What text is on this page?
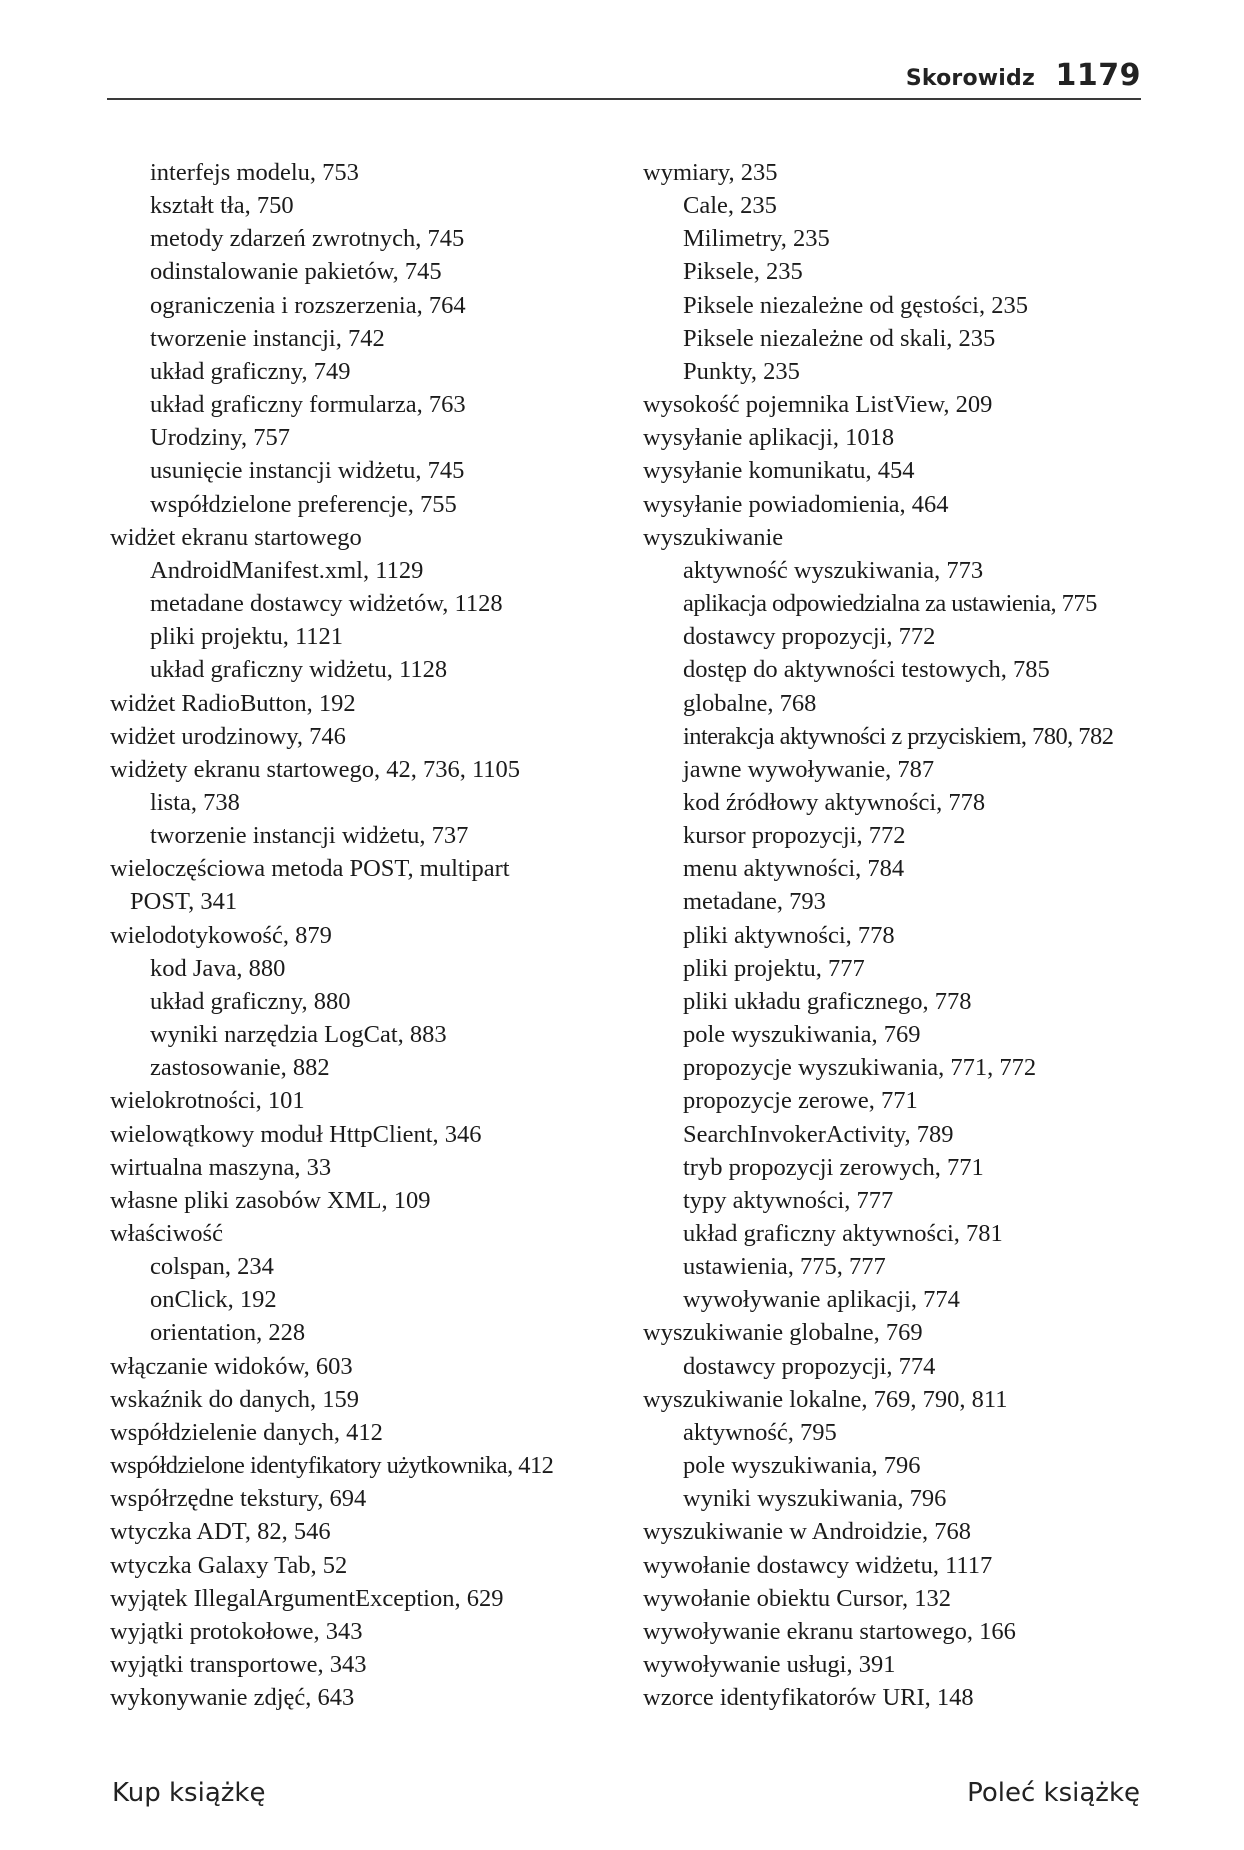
Skorowidz 1179
interfejs modelu, 753
kształt tła, 750
metody zdarzeń zwrotnych, 745
odinstalowanie pakietów, 745
ograniczenia i rozszerzenia, 764
tworzenie instancji, 742
układ graficzny, 749
układ graficzny formularza, 763
Urodziny, 757
usunięcie instancji widżetu, 745
współdzielone preferencje, 755
widżet ekranu startowego
AndroidManifest.xml, 1129
metadane dostawcy widżetów, 1128
pliki projektu, 1121
układ graficzny widżetu, 1128
widżet RadioButton, 192
widżet urodzinowy, 746
widżety ekranu startowego, 42, 736, 1105
lista, 738
tworzenie instancji widżetu, 737
wieloczęściowa metoda POST, multipart
POST, 341
wielodotykowość, 879
kod Java, 880
układ graficzny, 880
wyniki narzędzia LogCat, 883
zastosowanie, 882
wielokrotności, 101
wielowątkowy moduł HttpClient, 346
wirtualna maszyna, 33
własne pliki zasobów XML, 109
właściwość
colspan, 234
onClick, 192
orientation, 228
włączanie widoków, 603
wskaźnik do danych, 159
współdzielenie danych, 412
współdzielone identyfikatory użytkownika, 412
współrzędne tekstury, 694
wtyczka ADT, 82, 546
wtyczka Galaxy Tab, 52
wyjątek IllegalArgumentException, 629
wyjątki protokołowe, 343
wyjątki transportowe, 343
wykonywanie zdjęć, 643
wymiary, 235
Cale, 235
Milimetry, 235
Piksele, 235
Piksele niezależne od gęstości, 235
Piksele niezależne od skali, 235
Punkty, 235
wysokość pojemnika ListView, 209
wysyłanie aplikacji, 1018
wysyłanie komunikatu, 454
wysyłanie powiadomienia, 464
wyszukiwanie
aktywność wyszukiwania, 773
aplikacja odpowiedzialna za ustawienia, 775
dostawcy propozycji, 772
dostęp do aktywności testowych, 785
globalne, 768
interakcja aktywności z przyciskiem, 780, 782
jawne wywoływanie, 787
kod źródłowy aktywności, 778
kursor propozycji, 772
menu aktywności, 784
metadane, 793
pliki aktywności, 778
pliki projektu, 777
pliki układu graficznego, 778
pole wyszukiwania, 769
propozycje wyszukiwania, 771, 772
propozycje zerowe, 771
SearchInvokerActivity, 789
tryb propozycji zerowych, 771
typy aktywności, 777
układ graficzny aktywności, 781
ustawienia, 775, 777
wywoływanie aplikacji, 774
wyszukiwanie globalne, 769
dostawcy propozycji, 774
wyszukiwanie lokalne, 769, 790, 811
aktywność, 795
pole wyszukiwania, 796
wyniki wyszukiwania, 796
wyszukiwanie w Androidzie, 768
wywołanie dostawcy widżetu, 1117
wywołanie obiektu Cursor, 132
wywoływanie ekranu startowego, 166
wywoływanie usługi, 391
wzorce identyfikatorów URI, 148
Kup książkę	Poleć książkę
